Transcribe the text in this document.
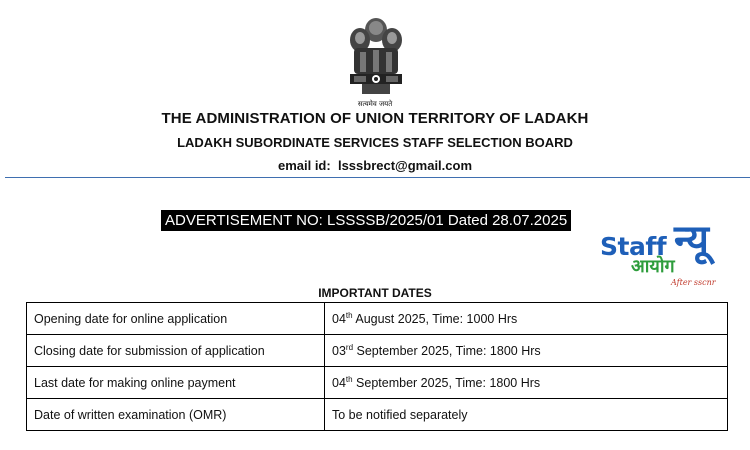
सत्यमेव जयते
THE ADMINISTRATION OF UNION TERRITORY OF LADAKH
LADAKH SUBORDINATE SERVICES STAFF SELECTION BOARD
email id: lsssbrect@gmail.com
ADVERTISEMENT NO: LSSSSB/2025/01 Dated 28.07.2025
Staff न्यू
आयोग
After sscnr
IMPORTANT DATES
Opening date for online application	04th August 2025, Time: 1000 Hrs
Closing date for submission of application	03rd September 2025, Time: 1800 Hrs
Last date for making online payment	04th September 2025, Time: 1800 Hrs
Date of written examination (OMR)	To be notified separately
